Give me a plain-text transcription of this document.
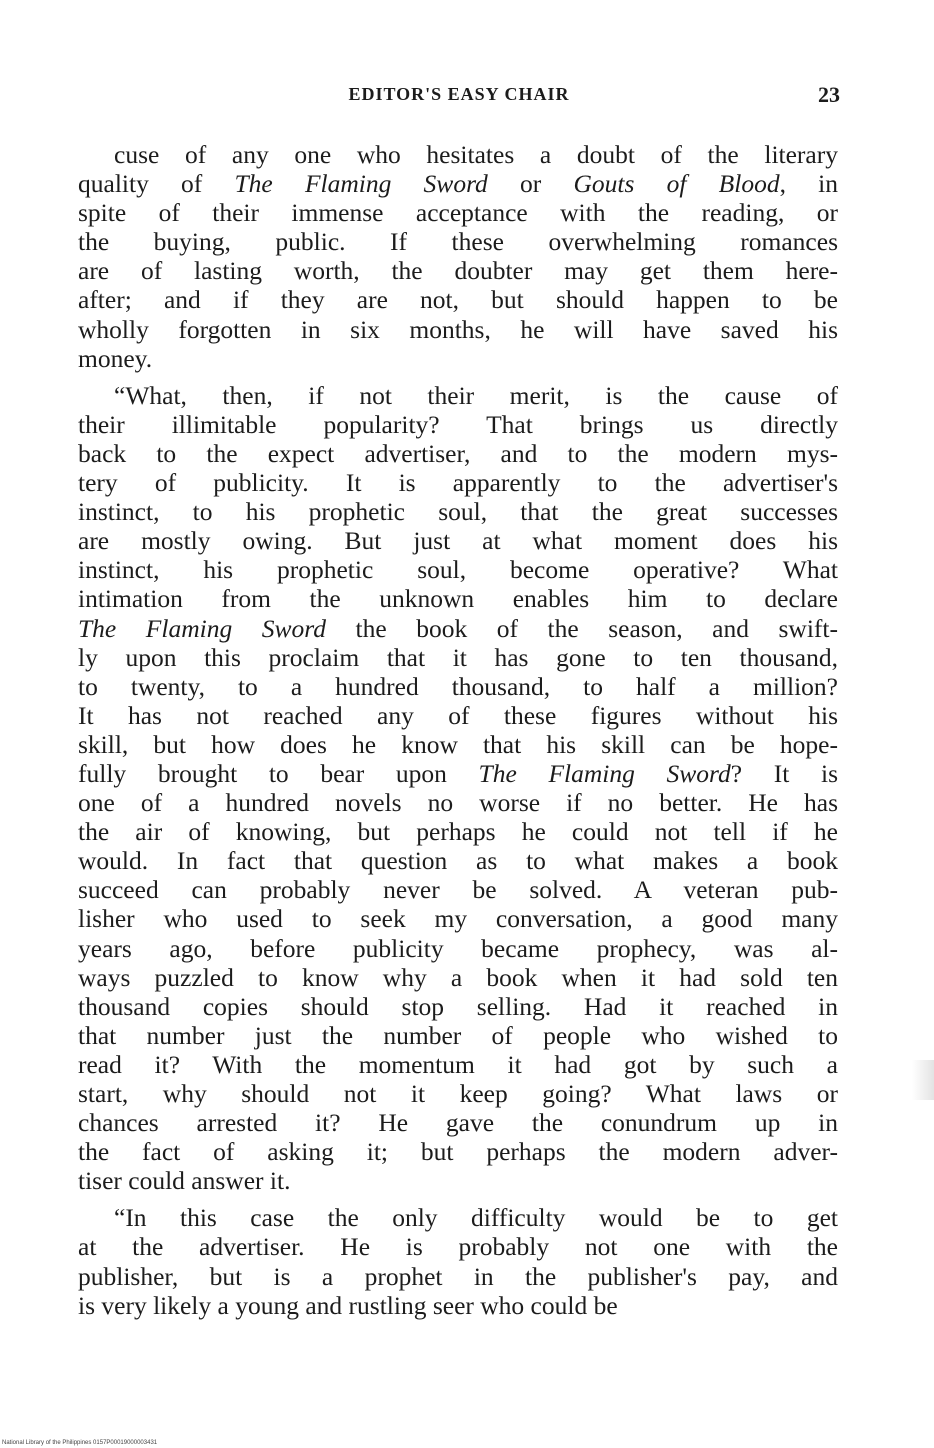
EDITOR'S EASY CHAIR	23
cuse of any one who hesitates a doubt of the literary
quality of The Flaming Sword or Gouts of Blood, in
spite of their immense acceptance with the reading, or
the buying, public. If these overwhelming romances
are of lasting worth, the doubter may get them here-
after; and if they are not, but should happen to be
wholly forgotten in six months, he will have saved his
money.
“What, then, if not their merit, is the cause of
their illimitable popularity? That brings us directly
back to the expect advertiser, and to the modern mys-
tery of publicity. It is apparently to the advertiser's
instinct, to his prophetic soul, that the great successes
are mostly owing. But just at what moment does his
instinct, his prophetic soul, become operative? What
intimation from the unknown enables him to declare
The Flaming Sword the book of the season, and swift-
ly upon this proclaim that it has gone to ten thousand,
to twenty, to a hundred thousand, to half a million?
It has not reached any of these figures without his
skill, but how does he know that his skill can be hope-
fully brought to bear upon The Flaming Sword? It is
one of a hundred novels no worse if no better. He has
the air of knowing, but perhaps he could not tell if he
would. In fact that question as to what makes a book
succeed can probably never be solved. A veteran pub-
lisher who used to seek my conversation, a good many
years ago, before publicity became prophecy, was al-
ways puzzled to know why a book when it had sold ten
thousand copies should stop selling. Had it reached in
that number just the number of people who wished to
read it? With the momentum it had got by such a
start, why should not it keep going? What laws or
chances arrested it? He gave the conundrum up in
the fact of asking it; but perhaps the modern adver-
tiser could answer it.
“In this case the only difficulty would be to get
at the advertiser. He is probably not one with the
publisher, but is a prophet in the publisher's pay, and
is very likely a young and rustling seer who could be
National Library of the Philippines 0157P00019000003431
